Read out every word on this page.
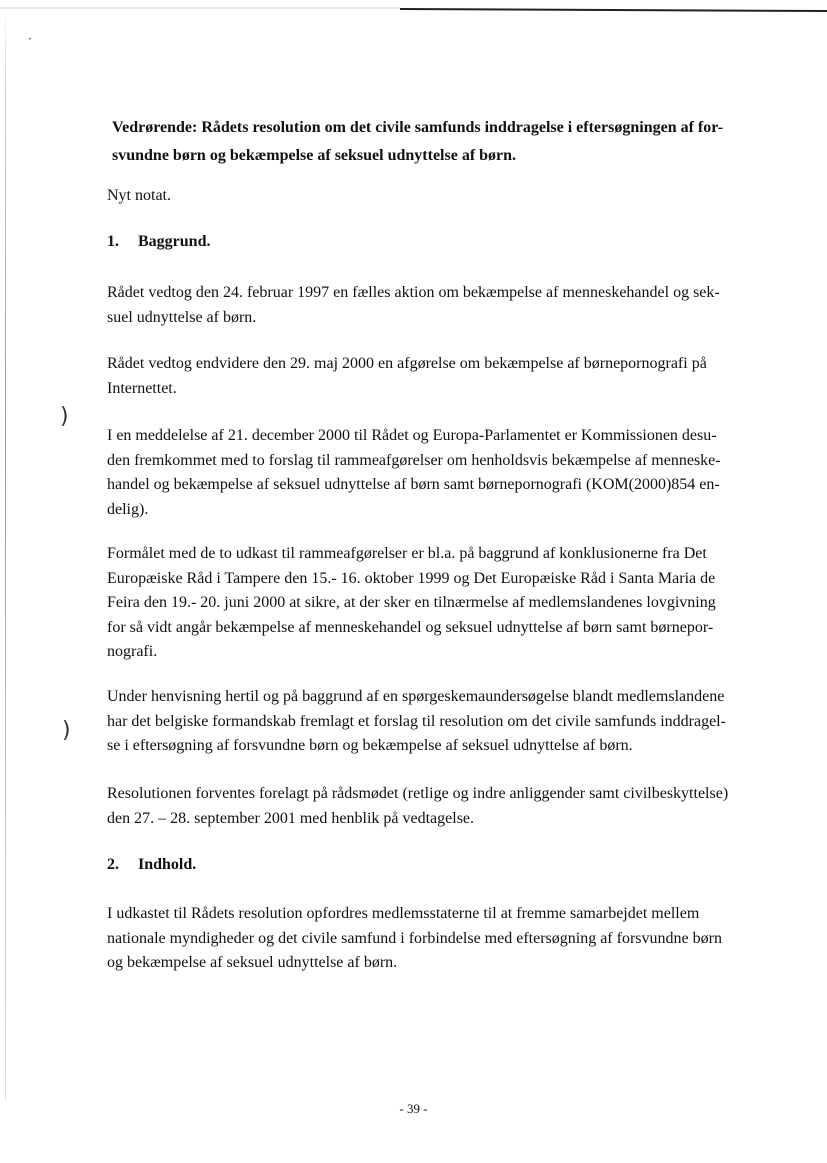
·
)
)
Vedrørende: Rådets resolution om det civile samfunds inddragelse i eftersøgningen af for-
svundne børn og bekæmpelse af seksuel udnyttelse af børn.
Nyt notat.
1. Baggrund.
Rådet vedtog den 24. februar 1997 en fælles aktion om bekæmpelse af menneskehandel og sek-
suel udnyttelse af børn.
Rådet vedtog endvidere den 29. maj 2000 en afgørelse om bekæmpelse af børnepornografi på
Internettet.
I en meddelelse af 21. december 2000 til Rådet og Europa-Parlamentet er Kommissionen desu-
den fremkommet med to forslag til rammeafgørelser om henholdsvis bekæmpelse af menneske-
handel og bekæmpelse af seksuel udnyttelse af børn samt børnepornografi (KOM(2000)854 en-
delig).
Formålet med de to udkast til rammeafgørelser er bl.a. på baggrund af konklusionerne fra Det
Europæiske Råd i Tampere den 15.- 16. oktober 1999 og Det Europæiske Råd i Santa Maria de
Feira den 19.- 20. juni 2000 at sikre, at der sker en tilnærmelse af medlemslandenes lovgivning
for så vidt angår bekæmpelse af menneskehandel og seksuel udnyttelse af børn samt børnepor-
nografi.
Under henvisning hertil og på baggrund af en spørgeskemaundersøgelse blandt medlemslandene
har det belgiske formandskab fremlagt et forslag til resolution om det civile samfunds inddragel-
se i eftersøgning af forsvundne børn og bekæmpelse af seksuel udnyttelse af børn.
Resolutionen forventes forelagt på rådsmødet (retlige og indre anliggender samt civilbeskyttelse)
den 27. – 28. september 2001 med henblik på vedtagelse.
2. Indhold.
I udkastet til Rådets resolution opfordres medlemsstaterne til at fremme samarbejdet mellem
nationale myndigheder og det civile samfund i forbindelse med eftersøgning af forsvundne børn
og bekæmpelse af seksuel udnyttelse af børn.
- 39 -
